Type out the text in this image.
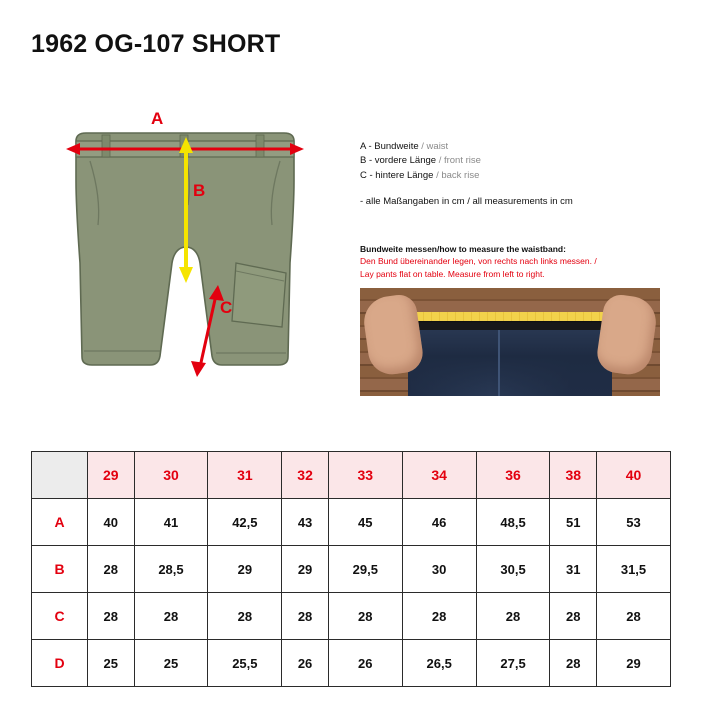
1962 OG-107 SHORT
A
B
C
A - Bundweite / waist
B - vordere Länge / front rise
C - hintere Länge / back rise
- alle Maßangaben in cm / all measurements in cm
Bundweite messen/how to measure the waistband:
Den Bund übereinander legen, von rechts nach links messen. /
Lay pants flat on table. Measure from left to right.
	29	30	31	32	33	34	36	38	40
A	40	41	42,5	43	45	46	48,5	51	53
B	28	28,5	29	29	29,5	30	30,5	31	31,5
C	28	28	28	28	28	28	28	28	28
D	25	25	25,5	26	26	26,5	27,5	28	29
